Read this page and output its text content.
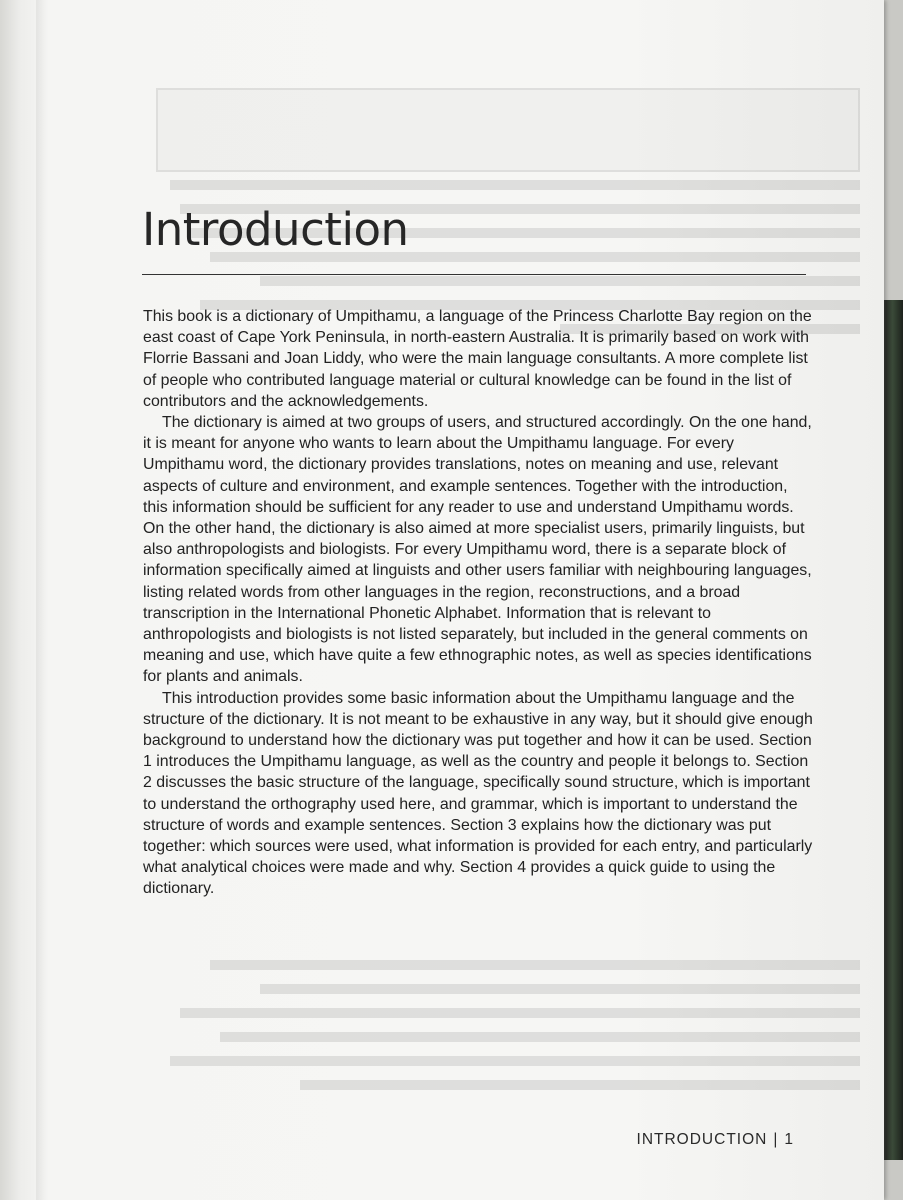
Introduction

This book is a dictionary of Umpithamu, a language of the Princess Charlotte Bay region on the east coast of Cape York Peninsula, in north-eastern Australia. It is primarily based on work with Florrie Bassani and Joan Liddy, who were the main language consultants. A more complete list of people who contributed language material or cultural knowledge can be found in the list of contributors and the acknowledgements.

The dictionary is aimed at two groups of users, and structured accordingly. On the one hand, it is meant for anyone who wants to learn about the Umpithamu language. For every Umpithamu word, the dictionary provides translations, notes on meaning and use, relevant aspects of culture and environment, and example sentences. Together with the introduction, this information should be sufficient for any reader to use and understand Umpithamu words. On the other hand, the dictionary is also aimed at more specialist users, primarily linguists, but also anthropologists and biologists. For every Umpithamu word, there is a separate block of information specifically aimed at linguists and other users familiar with neighbouring languages, listing related words from other languages in the region, reconstructions, and a broad transcription in the International Phonetic Alphabet. Information that is relevant to anthropologists and biologists is not listed separately, but included in the general comments on meaning and use, which have quite a few ethnographic notes, as well as species identifications for plants and animals.

This introduction provides some basic information about the Umpithamu language and the structure of the dictionary. It is not meant to be exhaustive in any way, but it should give enough background to understand how the dictionary was put together and how it can be used. Section 1 introduces the Umpithamu language, as well as the country and people it belongs to. Section 2 discusses the basic structure of the language, specifically sound structure, which is important to understand the orthography used here, and grammar, which is important to understand the structure of words and example sentences. Section 3 explains how the dictionary was put together: which sources were used, what information is provided for each entry, and particularly what analytical choices were made and why. Section 4 provides a quick guide to using the dictionary.

INTRODUCTION | 1
